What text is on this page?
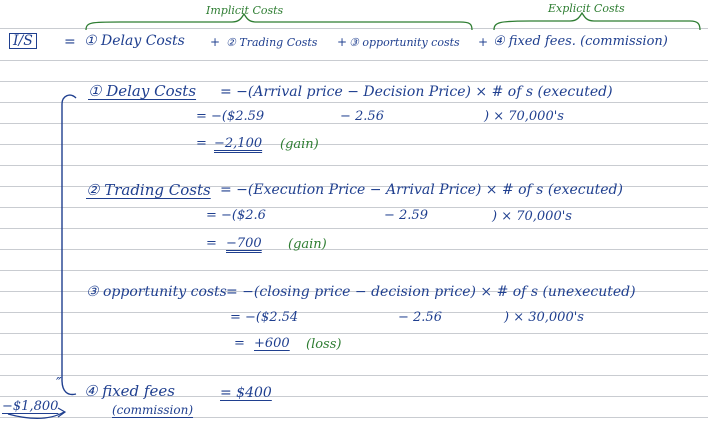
Implicit Costs	Explicit Costs
I/S = ① Delay Costs + ② Trading Costs + ③ opportunity costs + ④ fixed fees. (commission)
① Delay Costs = −(Arrival price − Decision Price) × # of s (executed)
= −($2.59	− 2.56	) × 70,000's
= −2,100 (gain)
② Trading Costs = −(Execution Price − Arrival Price) × # of s (executed)
= −($2.6	− 2.59	) × 70,000's
= −700 (gain)
③ opportunity costs = −(closing price − decision price) × # of s (unexecuted)
= −($2.54	− 2.56	) × 30,000's
= +600 (loss)
④ fixed fees
(commission)
= $400
−$1,800
″
